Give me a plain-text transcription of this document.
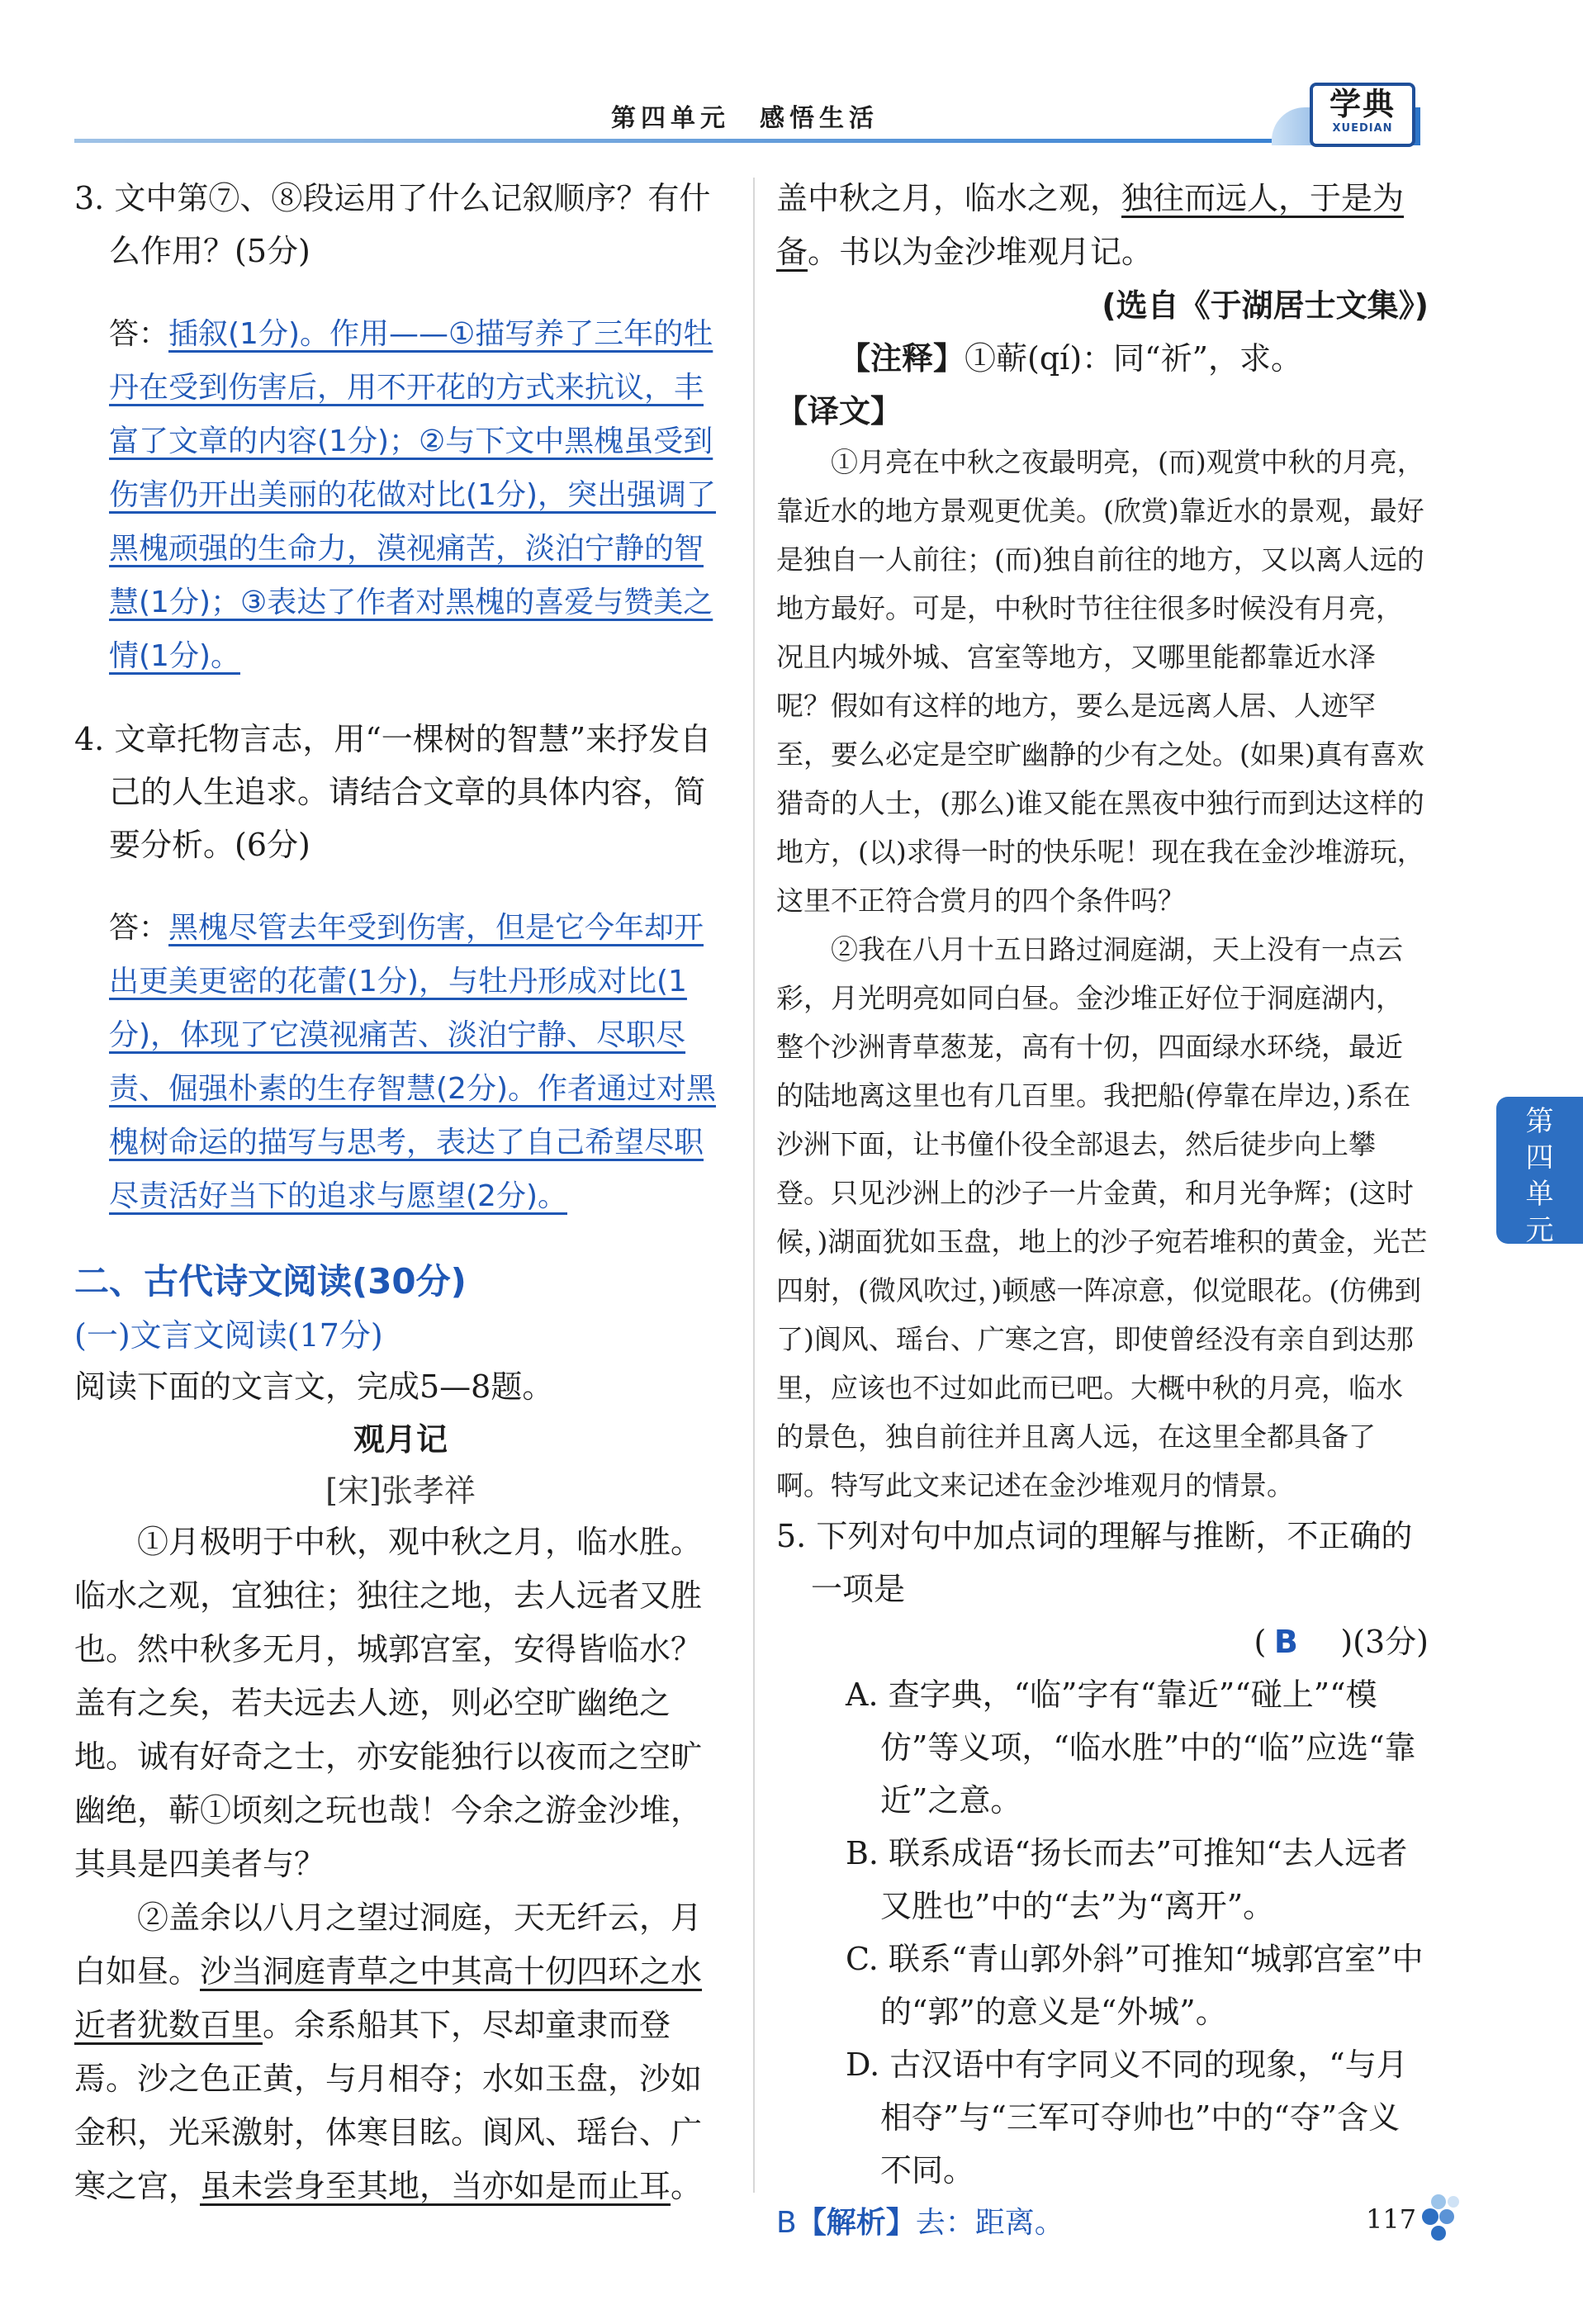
第四单元　感悟生活	学典
XUEDIAN
第四单元

3. 文中第⑦、⑧段运用了什么记叙顺序？有什么作用？(5分)

答：插叙(1分)。作用——①描写养了三年的牡丹在受到伤害后，用不开花的方式来抗议，丰富了文章的内容(1分)；②与下文中黑槐虽受到伤害仍开出美丽的花做对比(1分)，突出强调了黑槐顽强的生命力，漠视痛苦，淡泊宁静的智慧(1分)；③表达了作者对黑槐的喜爱与赞美之情(1分)。

4. 文章托物言志，用“一棵树的智慧”来抒发自己的人生追求。请结合文章的具体内容，简要分析。(6分)

答：黑槐尽管去年受到伤害，但是它今年却开出更美更密的花蕾(1分)，与牡丹形成对比(1分)，体现了它漠视痛苦、淡泊宁静、尽职尽责、倔强朴素的生存智慧(2分)。作者通过对黑槐树命运的描写与思考，表达了自己希望尽职尽责活好当下的追求与愿望(2分)。

二、古代诗文阅读(30分)

(一)文言文阅读(17分)

阅读下面的文言文，完成5—8题。

观月记

[宋]张孝祥

①月极明于中秋，观中秋之月，临水胜。临水之观，宜独往；独往之地，去人远者又胜也。然中秋多无月，城郭宫室，安得皆临水？盖有之矣，若夫远去人迹，则必空旷幽绝之地。诚有好奇之士，亦安能独行以夜而之空旷幽绝，蕲①顷刻之玩也哉！今余之游金沙堆，其具是四美者与？

②盖余以八月之望过洞庭，天无纤云，月白如昼。沙当洞庭青草之中其高十仞四环之水近者犹数百里。余系船其下，尽却童隶而登焉。沙之色正黄，与月相夺；水如玉盘，沙如金积，光采激射，体寒目眩。阆风、瑶台、广寒之宫，虽未尝身至其地，当亦如是而止耳。

盖中秋之月，临水之观，独往而远人，于是为备。书以为金沙堆观月记。

(选自《于湖居士文集》)

【注释】①蕲(qí)：同“祈”，求。

【译文】

①月亮在中秋之夜最明亮，(而)观赏中秋的月亮，靠近水的地方景观更优美。(欣赏)靠近水的景观，最好是独自一人前往；(而)独自前往的地方，又以离人远的地方最好。可是，中秋时节往往很多时候没有月亮，况且内城外城、宫室等地方，又哪里能都靠近水泽呢？假如有这样的地方，要么是远离人居、人迹罕至，要么必定是空旷幽静的少有之处。(如果)真有喜欢猎奇的人士，(那么)谁又能在黑夜中独行而到达这样的地方，(以)求得一时的快乐呢！现在我在金沙堆游玩，这里不正符合赏月的四个条件吗？

②我在八月十五日路过洞庭湖，天上没有一点云彩，月光明亮如同白昼。金沙堆正好位于洞庭湖内，整个沙洲青草葱茏，高有十仞，四面绿水环绕，最近的陆地离这里也有几百里。我把船(停靠在岸边，)系在沙洲下面，让书僮仆役全部退去，然后徒步向上攀登。只见沙洲上的沙子一片金黄，和月光争辉；(这时候，)湖面犹如玉盘，地上的沙子宛若堆积的黄金，光芒四射，(微风吹过，)顿感一阵凉意，似觉眼花。(仿佛到了)阆风、瑶台、广寒之宫，即使曾经没有亲自到达那里，应该也不过如此而已吧。大概中秋的月亮，临水的景色，独自前往并且离人远，在这里全都具备了啊。特写此文来记述在金沙堆观月的情景。

5. 下列对句中加点词的理解与推断，不正确的一项是 ( B )(3分)

A. 查字典，“临”字有“靠近”“碰上”“模仿”等义项，“临水胜”中的“临”应选“靠近”之意。

B. 联系成语“扬长而去”可推知“去人远者又胜也”中的“去”为“离开”。

C. 联系“青山郭外斜”可推知“城郭宫室”中的“郭”的意义是“外城”。

D. 古汉语中有字同义不同的现象，“与月相夺”与“三军可夺帅也”中的“夺”含义不同。

B【解析】去：距离。	117
